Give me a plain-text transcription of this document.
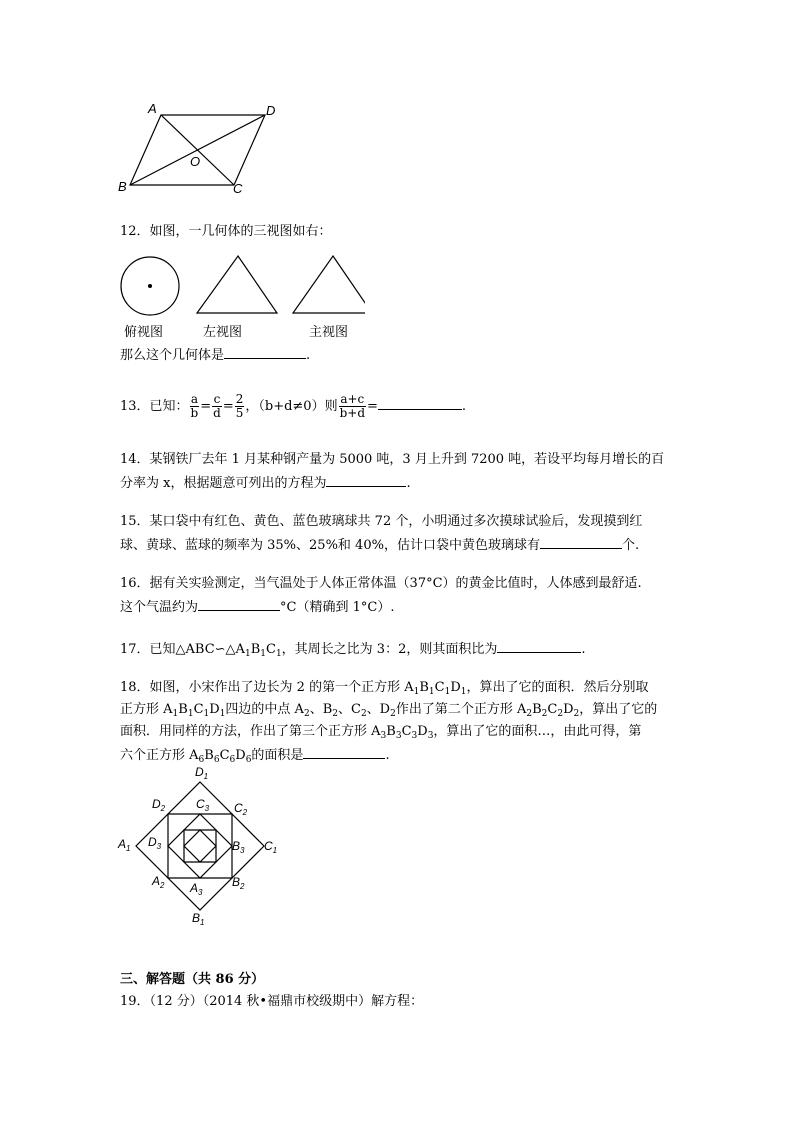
A	D
O
B	C
12．如图，一几何体的三视图如右：
俯视图	左视图	主视图
那么这个几何体是	.
13．已知： $\frac{a}{b} = \frac{c}{d} = \frac{2}{5}$ ，（b+d≠0）则 $\frac{a+c}{b+d}$ =	.
14．某钢铁厂去年 1 月某种钢产量为 5000 吨，3 月上升到 7200 吨，若设平均每月增长的百
分率为 x，根据题意可列出的方程为	.
15．某口袋中有红色、黄色、蓝色玻璃球共 72 个，小明通过多次摸球试验后，发现摸到红
球、黄球、蓝球的频率为 35%、25%和 40%，估计口袋中黄色玻璃球有	个.
16．据有关实验测定，当气温处于人体正常体温（37°C）的黄金比值时，人体感到最舒适.
这个气温约为	°C（精确到 1°C）.
17．已知$\triangle ABC∽\triangle A_1B_1C_1$，其周长之比为 3：2，则其面积比为	.
18．如图，小宋作出了边长为 2 的第一个正方形 $A_1B_1C_1D_1$，算出了它的面积．然后分别取
正方形 $A_1B_1C_1D_1$四边的中点 $A_2$、$B_2$、$C_2$、$D_2$作出了第二个正方形 $A_2B_2C_2D_2$，算出了它的
面积．用同样的方法，作出了第三个正方形 $A_3B_3C_3D_3$，算出了它的面积…，由此可得，第
六个正方形 $A_6B_6C_6D_6$的面积是	.
$D_1$
$D_2$	$C_3$ $C_2$
$A_1$ $D_3$	$B_3$ $C_1$
$A_2$ $A_3$
$B_2$
$B_1$
三、解答题（共 86 分）
19．（12 分）（2014 秋•福鼎市校级期中）解方程：
